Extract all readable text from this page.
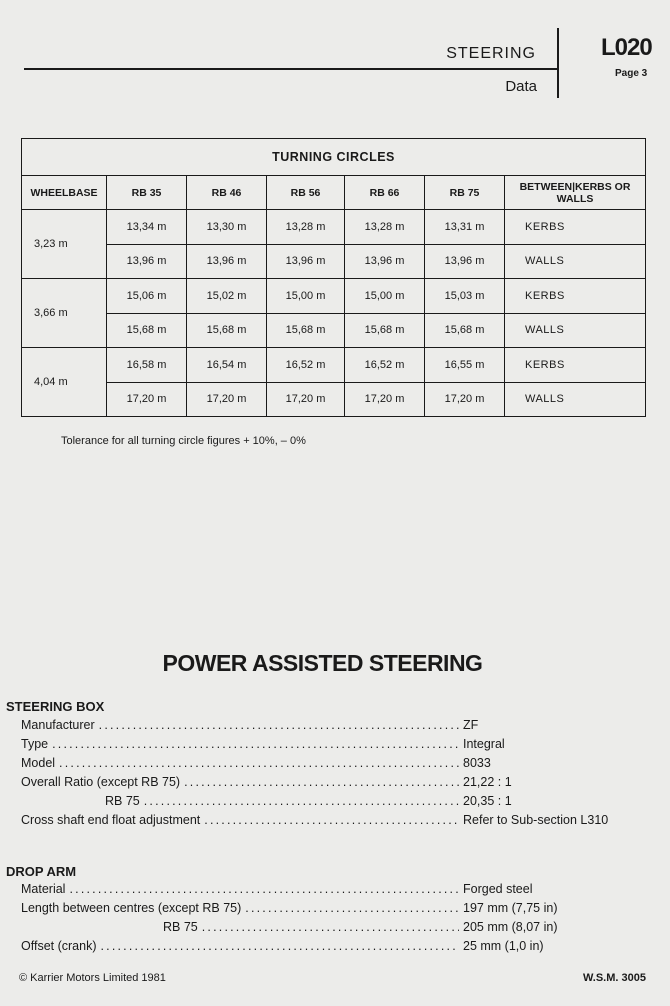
STEERING
Data
L020
Page 3
TURNING CIRCLES						
WHEELBASE	RB 35	RB 46	RB 56	RB 66	RB 75	BETWEEN|KERBS OR WALLS
3,23 m	13,34 m	13,30 m	13,28 m	13,28 m	13,31 m	KERBS
	13,96 m	13,96 m	13,96 m	13,96 m	13,96 m	WALLS
3,66 m	15,06 m	15,02 m	15,00 m	15,00 m	15,03 m	KERBS
	15,68 m	15,68 m	15,68 m	15,68 m	15,68 m	WALLS
4,04 m	16,58 m	16,54 m	16,52 m	16,52 m	16,55 m	KERBS
	17,20 m	17,20 m	17,20 m	17,20 m	17,20 m	WALLS
Tolerance for all turning circle figures + 10%, – 0%
POWER ASSISTED STEERING
STEERING BOX
Manufacturer .....	ZF
Type .....	Integral
Model .....	8033
Overall Ratio (except RB 75) .....	21,22 : 1
RB 75 .....	20,35 : 1
Cross shaft end float adjustment .....	Refer to Sub-section L310
DROP ARM
Material .....	Forged steel
Length between centres (except RB 75) .....	197 mm (7,75 in)
RB 75 .....	205 mm (8,07 in)
Offset (crank) .....	25 mm (1,0 in)
© Karrier Motors Limited 1981	W.S.M. 3005
